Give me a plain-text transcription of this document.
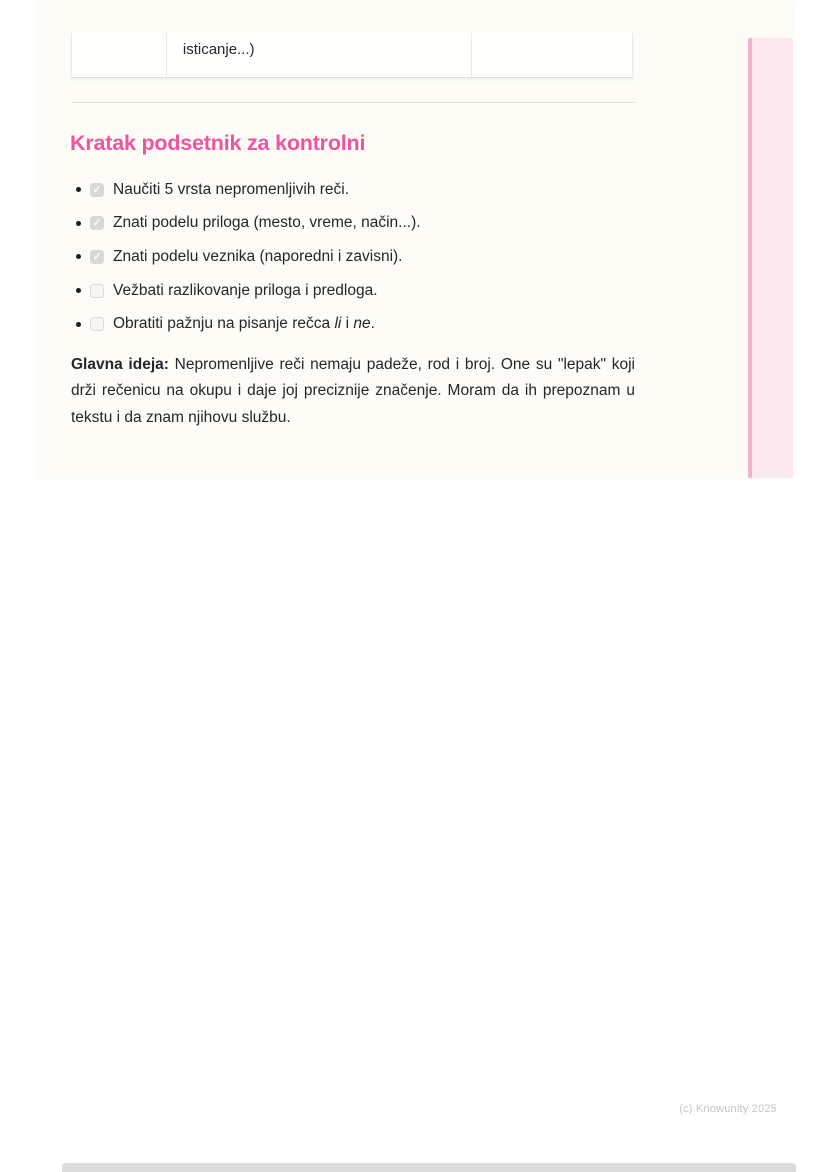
isticanje...)
Kratak podsetnik za kontrolni
✓
Naučiti 5 vrsta nepromenljivih reči.
✓
Znati podelu priloga (mesto, vreme, način...).
✓
Znati podelu veznika (naporedni i zavisni).
Vežbati razlikovanje priloga i predloga.
Obratiti pažnju na pisanje rečca li i ne.

Glavna ideja: Nepromenljive reči nemaju padeže, rod i broj. One su "lepak" koji drži rečenicu na okupu i daje joj preciznije značenje. Moram da ih prepoznam u tekstu i da znam njihovu službu.

(c) Knowunity 2025
